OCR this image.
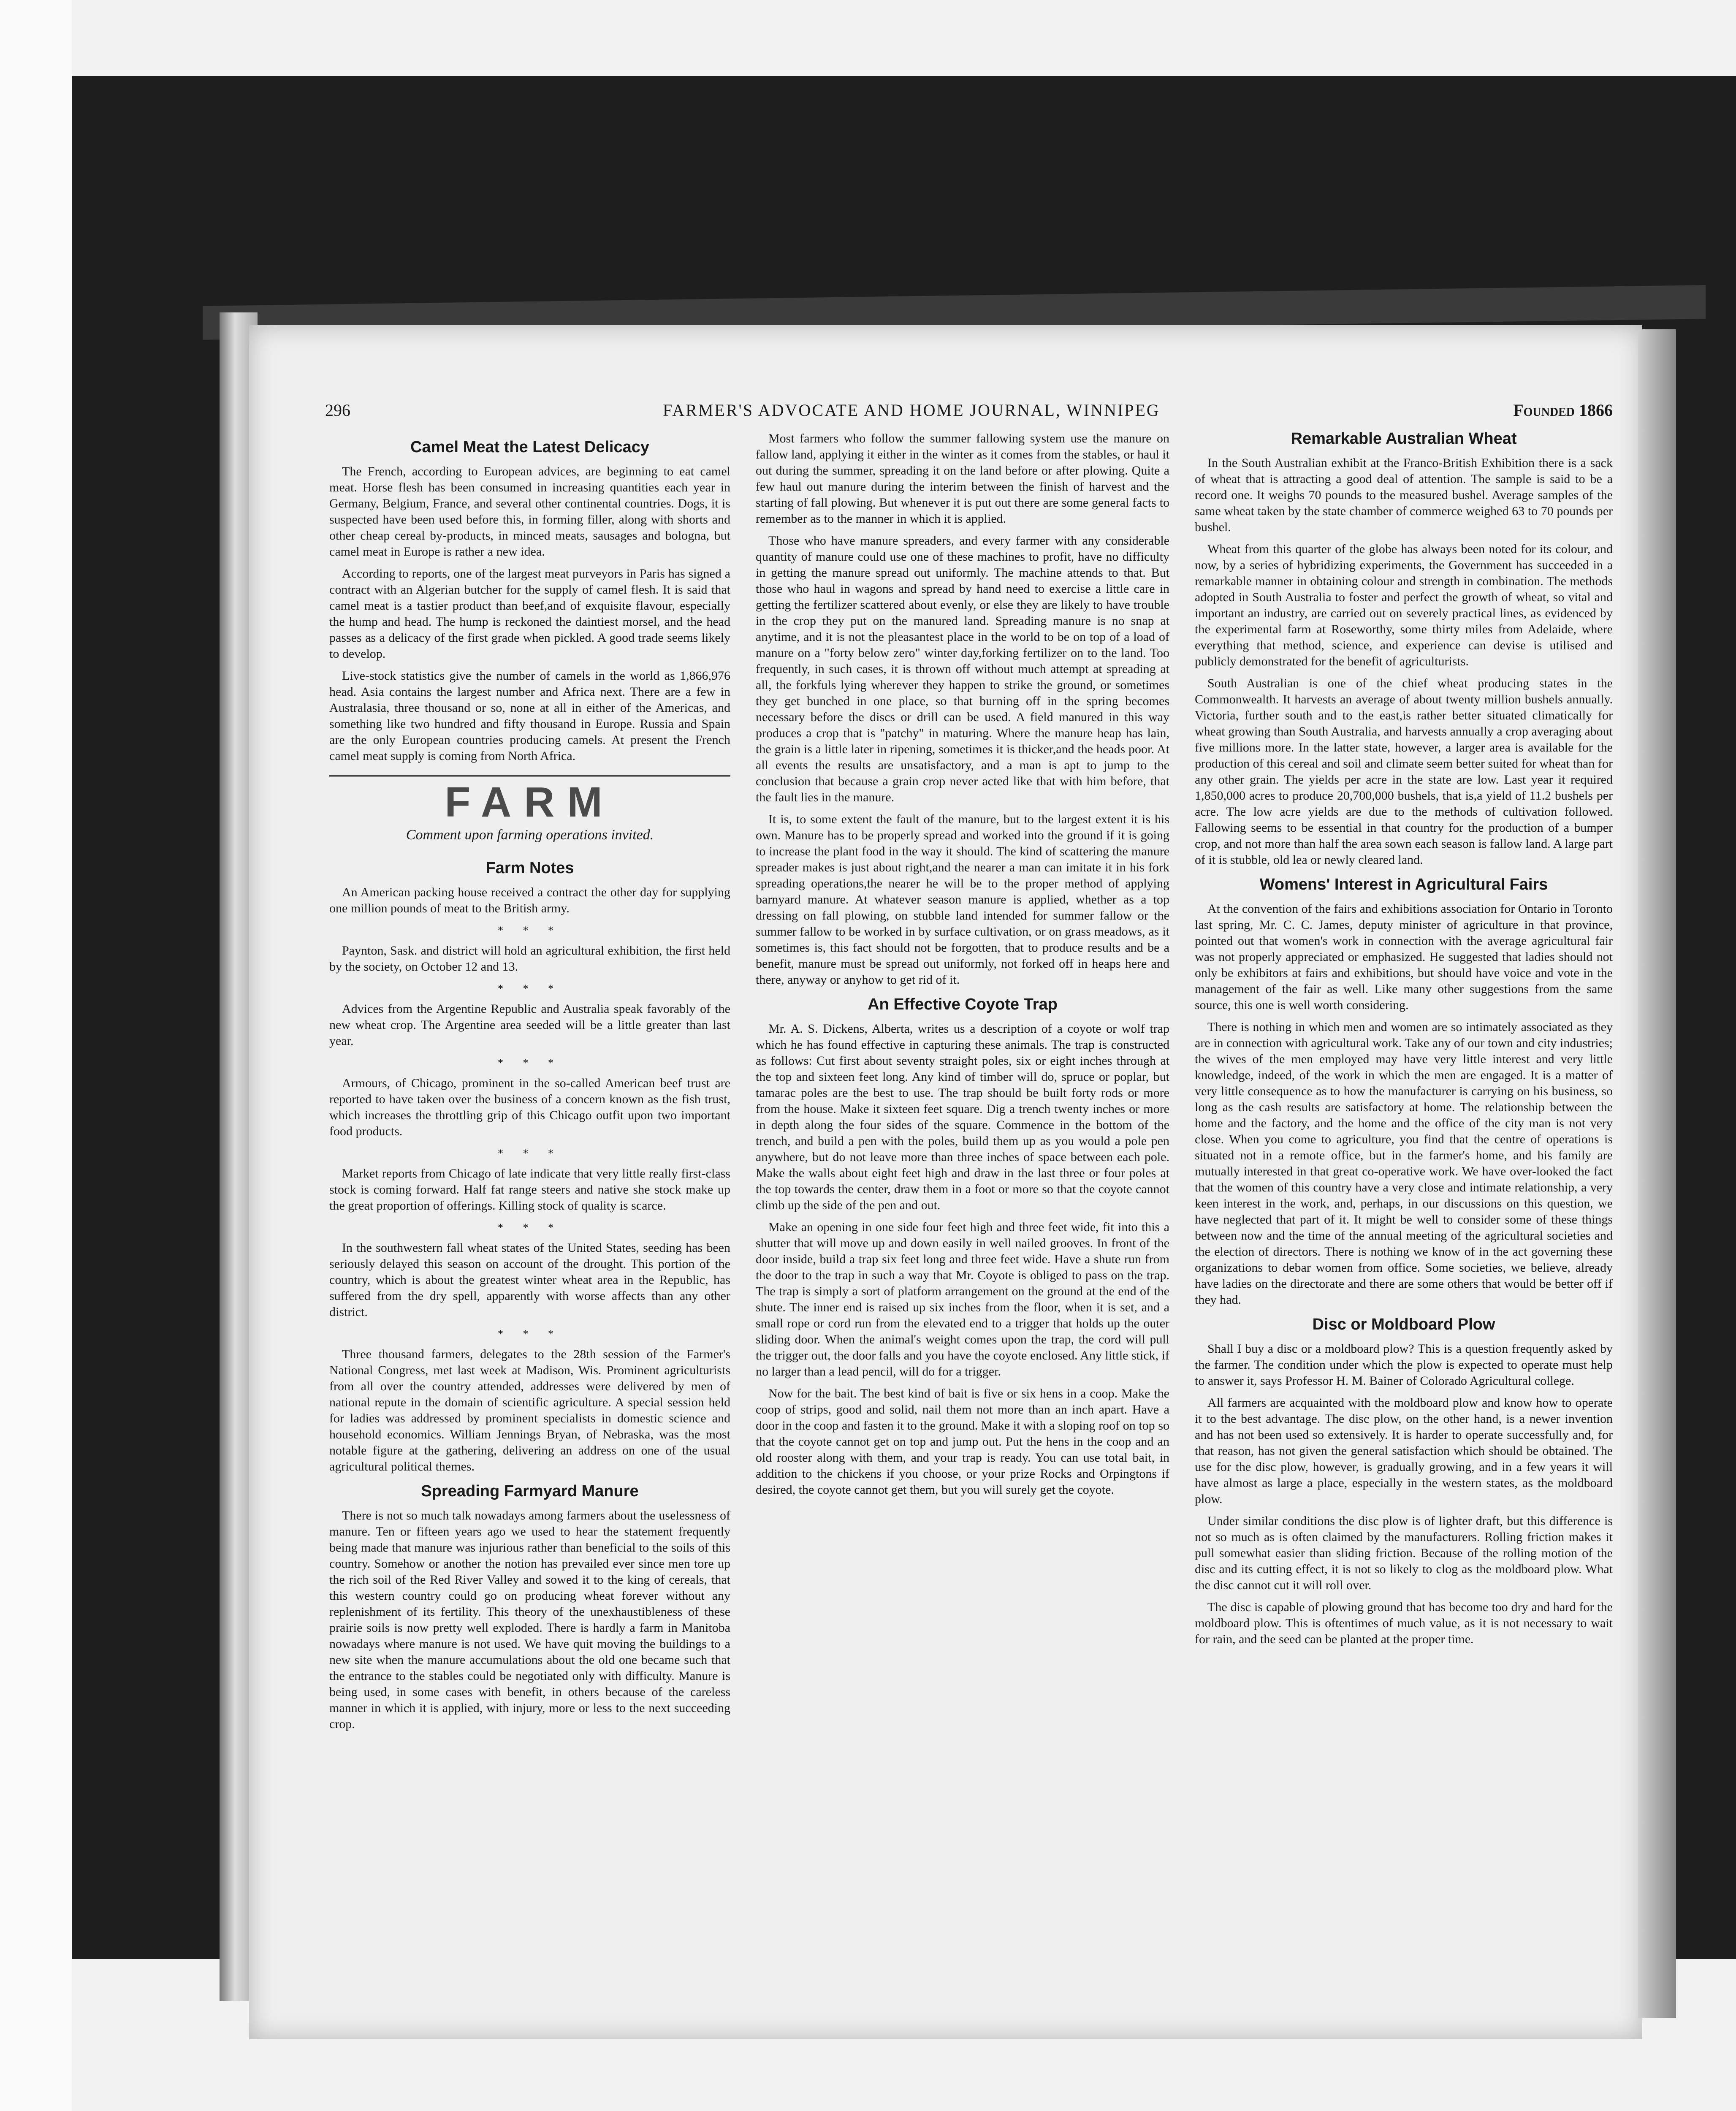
296	FARMER'S ADVOCATE AND HOME JOURNAL, WINNIPEG	Founded 1866
Camel Meat the Latest Delicacy

The French, according to European advices, are beginning to eat camel meat. Horse flesh has been consumed in increasing quantities each year in Germany, Belgium, France, and several other continental countries. Dogs, it is suspected have been used before this, in forming filler, along with shorts and other cheap cereal by-products, in minced meats, sausages and bologna, but camel meat in Europe is rather a new idea.

According to reports, one of the largest meat purveyors in Paris has signed a contract with an Algerian butcher for the supply of camel flesh. It is said that camel meat is a tastier product than beef,and of exquisite flavour, especially the hump and head. The hump is reckoned the daintiest morsel, and the head passes as a delicacy of the first grade when pickled. A good trade seems likely to develop.

Live-stock statistics give the number of camels in the world as 1,866,976 head. Asia contains the largest number and Africa next. There are a few in Australasia, three thousand or so, none at all in either of the Americas, and something like two hundred and fifty thousand in Europe. Russia and Spain are the only European countries producing camels. At present the French camel meat supply is coming from North Africa.

FARM
Comment upon farming operations invited.
Farm Notes

An American packing house received a contract the other day for supplying one million pounds of meat to the British army.

* * *

Paynton, Sask. and district will hold an agricultural exhibition, the first held by the society, on October 12 and 13.

* * *

Advices from the Argentine Republic and Australia speak favorably of the new wheat crop. The Argentine area seeded will be a little greater than last year.

* * *

Armours, of Chicago, prominent in the so-called American beef trust are reported to have taken over the business of a concern known as the fish trust, which increases the throttling grip of this Chicago outfit upon two important food products.

* * *

Market reports from Chicago of late indicate that very little really first-class stock is coming forward. Half fat range steers and native she stock make up the great proportion of offerings. Killing stock of quality is scarce.

* * *

In the southwestern fall wheat states of the United States, seeding has been seriously delayed this season on account of the drought. This portion of the country, which is about the greatest winter wheat area in the Republic, has suffered from the dry spell, apparently with worse affects than any other district.

* * *

Three thousand farmers, delegates to the 28th session of the Farmer's National Congress, met last week at Madison, Wis. Prominent agriculturists from all over the country attended, addresses were delivered by men of national repute in the domain of scientific agriculture. A special session held for ladies was addressed by prominent specialists in domestic science and household economics. William Jennings Bryan, of Nebraska, was the most notable figure at the gathering, delivering an address on one of the usual agricultural political themes.

Spreading Farmyard Manure

There is not so much talk nowadays among farmers about the uselessness of manure. Ten or fifteen years ago we used to hear the statement frequently being made that manure was injurious rather than beneficial to the soils of this country. Somehow or another the notion has prevailed ever since men tore up the rich soil of the Red River Valley and sowed it to the king of cereals, that this western country could go on producing wheat forever without any replenishment of its fertility. This theory of the unexhaustibleness of these prairie soils is now pretty well exploded. There is hardly a farm in Manitoba nowadays where manure is not used. We have quit moving the buildings to a new site when the manure accumulations about the old one became such that the entrance to the stables could be negotiated only with difficulty. Manure is being used, in some cases with benefit, in others because of the careless manner in which it is applied, with injury, more or less to the next succeeding crop.

Most farmers who follow the summer fallowing system use the manure on fallow land, applying it either in the winter as it comes from the stables, or haul it out during the summer, spreading it on the land before or after plowing. Quite a few haul out manure during the interim between the finish of harvest and the starting of fall plowing. But whenever it is put out there are some general facts to remember as to the manner in which it is applied.

Those who have manure spreaders, and every farmer with any considerable quantity of manure could use one of these machines to profit, have no difficulty in getting the manure spread out uniformly. The machine attends to that. But those who haul in wagons and spread by hand need to exercise a little care in getting the fertilizer scattered about evenly, or else they are likely to have trouble in the crop they put on the manured land. Spreading manure is no snap at anytime, and it is not the pleasantest place in the world to be on top of a load of manure on a "forty below zero" winter day,forking fertilizer on to the land. Too frequently, in such cases, it is thrown off without much attempt at spreading at all, the forkfuls lying wherever they happen to strike the ground, or sometimes they get bunched in one place, so that burning off in the spring becomes necessary before the discs or drill can be used. A field manured in this way produces a crop that is "patchy" in maturing. Where the manure heap has lain, the grain is a little later in ripening, sometimes it is thicker,and the heads poor. At all events the results are unsatisfactory, and a man is apt to jump to the conclusion that because a grain crop never acted like that with him before, that the fault lies in the manure.

It is, to some extent the fault of the manure, but to the largest extent it is his own. Manure has to be properly spread and worked into the ground if it is going to increase the plant food in the way it should. The kind of scattering the manure spreader makes is just about right,and the nearer a man can imitate it in his fork spreading operations,the nearer he will be to the proper method of applying barnyard manure. At whatever season manure is applied, whether as a top dressing on fall plowing, on stubble land intended for summer fallow or the summer fallow to be worked in by surface cultivation, or on grass meadows, as it sometimes is, this fact should not be forgotten, that to produce results and be a benefit, manure must be spread out uniformly, not forked off in heaps here and there, anyway or anyhow to get rid of it.

An Effective Coyote Trap

Mr. A. S. Dickens, Alberta, writes us a description of a coyote or wolf trap which he has found effective in capturing these animals. The trap is constructed as follows: Cut first about seventy straight poles, six or eight inches through at the top and sixteen feet long. Any kind of timber will do, spruce or poplar, but tamarac poles are the best to use. The trap should be built forty rods or more from the house. Make it sixteen feet square. Dig a trench twenty inches or more in depth along the four sides of the square. Commence in the bottom of the trench, and build a pen with the poles, build them up as you would a pole pen anywhere, but do not leave more than three inches of space between each pole. Make the walls about eight feet high and draw in the last three or four poles at the top towards the center, draw them in a foot or more so that the coyote cannot climb up the side of the pen and out.

Make an opening in one side four feet high and three feet wide, fit into this a shutter that will move up and down easily in well nailed grooves. In front of the door inside, build a trap six feet long and three feet wide. Have a shute run from the door to the trap in such a way that Mr. Coyote is obliged to pass on the trap. The trap is simply a sort of platform arrangement on the ground at the end of the shute. The inner end is raised up six inches from the floor, when it is set, and a small rope or cord run from the elevated end to a trigger that holds up the outer sliding door. When the animal's weight comes upon the trap, the cord will pull the trigger out, the door falls and you have the coyote enclosed. Any little stick, if no larger than a lead pencil, will do for a trigger.

Now for the bait. The best kind of bait is five or six hens in a coop. Make the coop of strips, good and solid, nail them not more than an inch apart. Have a door in the coop and fasten it to the ground. Make it with a sloping roof on top so that the coyote cannot get on top and jump out. Put the hens in the coop and an old rooster along with them, and your trap is ready. You can use total bait, in addition to the chickens if you choose, or your prize Rocks and Orpingtons if desired, the coyote cannot get them, but you will surely get the coyote.

Remarkable Australian Wheat

In the South Australian exhibit at the Franco-British Exhibition there is a sack of wheat that is attracting a good deal of attention. The sample is said to be a record one. It weighs 70 pounds to the measured bushel. Average samples of the same wheat taken by the state chamber of commerce weighed 63 to 70 pounds per bushel.

Wheat from this quarter of the globe has always been noted for its colour, and now, by a series of hybridizing experiments, the Government has succeeded in a remarkable manner in obtaining colour and strength in combination. The methods adopted in South Australia to foster and perfect the growth of wheat, so vital and important an industry, are carried out on severely practical lines, as evidenced by the experimental farm at Roseworthy, some thirty miles from Adelaide, where everything that method, science, and experience can devise is utilised and publicly demonstrated for the benefit of agriculturists.

South Australian is one of the chief wheat producing states in the Commonwealth. It harvests an average of about twenty million bushels annually. Victoria, further south and to the east,is rather better situated climatically for wheat growing than South Australia, and harvests annually a crop averaging about five millions more. In the latter state, however, a larger area is available for the production of this cereal and soil and climate seem better suited for wheat than for any other grain. The yields per acre in the state are low. Last year it required 1,850,000 acres to produce 20,700,000 bushels, that is,a yield of 11.2 bushels per acre. The low acre yields are due to the methods of cultivation followed. Fallowing seems to be essential in that country for the production of a bumper crop, and not more than half the area sown each season is fallow land. A large part of it is stubble, old lea or newly cleared land.

Womens' Interest in Agricultural Fairs

At the convention of the fairs and exhibitions association for Ontario in Toronto last spring, Mr. C. C. James, deputy minister of agriculture in that province, pointed out that women's work in connection with the average agricultural fair was not properly appreciated or emphasized. He suggested that ladies should not only be exhibitors at fairs and exhibitions, but should have voice and vote in the management of the fair as well. Like many other suggestions from the same source, this one is well worth considering.

There is nothing in which men and women are so intimately associated as they are in connection with agricultural work. Take any of our town and city industries; the wives of the men employed may have very little interest and very little knowledge, indeed, of the work in which the men are engaged. It is a matter of very little consequence as to how the manufacturer is carrying on his business, so long as the cash results are satisfactory at home. The relationship between the home and the factory, and the home and the office of the city man is not very close. When you come to agriculture, you find that the centre of operations is situated not in a remote office, but in the farmer's home, and his family are mutually interested in that great co-operative work. We have over-looked the fact that the women of this country have a very close and intimate relationship, a very keen interest in the work, and, perhaps, in our discussions on this question, we have neglected that part of it. It might be well to consider some of these things between now and the time of the annual meeting of the agricultural societies and the election of directors. There is nothing we know of in the act governing these organizations to debar women from office. Some societies, we believe, already have ladies on the directorate and there are some others that would be better off if they had.

Disc or Moldboard Plow

Shall I buy a disc or a moldboard plow? This is a question frequently asked by the farmer. The condition under which the plow is expected to operate must help to answer it, says Professor H. M. Bainer of Colorado Agricultural college.

All farmers are acquainted with the moldboard plow and know how to operate it to the best advantage. The disc plow, on the other hand, is a newer invention and has not been used so extensively. It is harder to operate successfully and, for that reason, has not given the general satisfaction which should be obtained. The use for the disc plow, however, is gradually growing, and in a few years it will have almost as large a place, especially in the western states, as the moldboard plow.

Under similar conditions the disc plow is of lighter draft, but this difference is not so much as is often claimed by the manufacturers. Rolling friction makes it pull somewhat easier than sliding friction. Because of the rolling motion of the disc and its cutting effect, it is not so likely to clog as the moldboard plow. What the disc cannot cut it will roll over.

The disc is capable of plowing ground that has become too dry and hard for the moldboard plow. This is oftentimes of much value, as it is not necessary to wait for rain, and the seed can be planted at the proper time.
